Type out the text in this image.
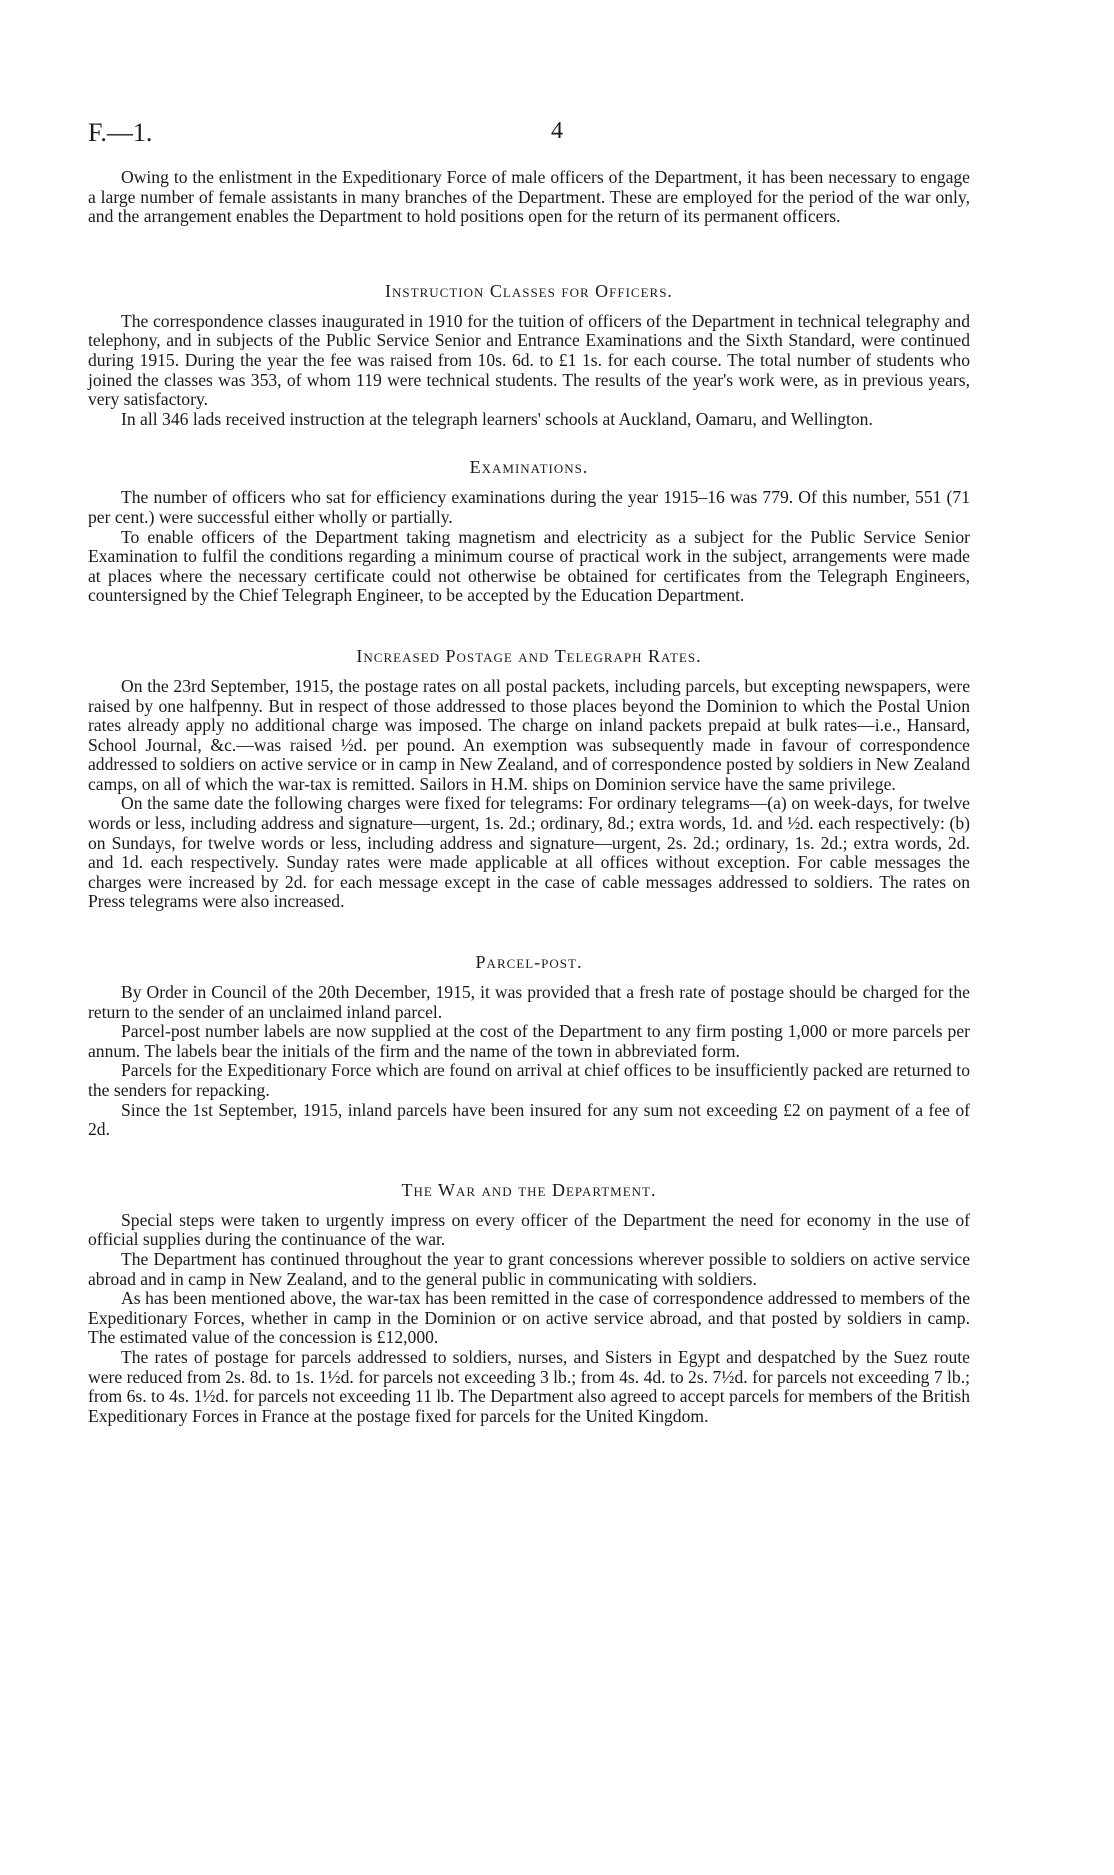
F.—1.	4

Owing to the enlistment in the Expeditionary Force of male officers of the Department, it has been necessary to engage a large number of female assistants in many branches of the Department. These are employed for the period of the war only, and the arrangement enables the Department to hold positions open for the return of its permanent officers.

Instruction Classes for Officers.

The correspondence classes inaugurated in 1910 for the tuition of officers of the Department in technical telegraphy and telephony, and in subjects of the Public Service Senior and Entrance Examinations and the Sixth Standard, were continued during 1915. During the year the fee was raised from 10s. 6d. to £1 1s. for each course. The total number of students who joined the classes was 353, of whom 119 were technical students. The results of the year's work were, as in previous years, very satisfactory.

In all 346 lads received instruction at the telegraph learners' schools at Auckland, Oamaru, and Wellington.

Examinations.

The number of officers who sat for efficiency examinations during the year 1915–16 was 779. Of this number, 551 (71 per cent.) were successful either wholly or partially.

To enable officers of the Department taking magnetism and electricity as a subject for the Public Service Senior Examination to fulfil the conditions regarding a minimum course of practical work in the subject, arrangements were made at places where the necessary certificate could not otherwise be obtained for certificates from the Telegraph Engineers, countersigned by the Chief Telegraph Engineer, to be accepted by the Education Department.

Increased Postage and Telegraph Rates.

On the 23rd September, 1915, the postage rates on all postal packets, including parcels, but excepting newspapers, were raised by one halfpenny. But in respect of those addressed to those places beyond the Dominion to which the Postal Union rates already apply no additional charge was imposed. The charge on inland packets prepaid at bulk rates—i.e., Hansard, School Journal, &c.—was raised ½d. per pound. An exemption was subsequently made in favour of correspondence addressed to soldiers on active service or in camp in New Zealand, and of correspondence posted by soldiers in New Zealand camps, on all of which the war-tax is remitted. Sailors in H.M. ships on Dominion service have the same privilege.

On the same date the following charges were fixed for telegrams: For ordinary telegrams—(a) on week-days, for twelve words or less, including address and signature—urgent, 1s. 2d.; ordinary, 8d.; extra words, 1d. and ½d. each respectively: (b) on Sundays, for twelve words or less, including address and signature—urgent, 2s. 2d.; ordinary, 1s. 2d.; extra words, 2d. and 1d. each respectively. Sunday rates were made applicable at all offices without exception. For cable messages the charges were increased by 2d. for each message except in the case of cable messages addressed to soldiers. The rates on Press telegrams were also increased.

Parcel-post.

By Order in Council of the 20th December, 1915, it was provided that a fresh rate of postage should be charged for the return to the sender of an unclaimed inland parcel.

Parcel-post number labels are now supplied at the cost of the Department to any firm posting 1,000 or more parcels per annum. The labels bear the initials of the firm and the name of the town in abbreviated form.

Parcels for the Expeditionary Force which are found on arrival at chief offices to be insufficiently packed are returned to the senders for repacking.

Since the 1st September, 1915, inland parcels have been insured for any sum not exceeding £2 on payment of a fee of 2d.

The War and the Department.

Special steps were taken to urgently impress on every officer of the Department the need for economy in the use of official supplies during the continuance of the war.

The Department has continued throughout the year to grant concessions wherever possible to soldiers on active service abroad and in camp in New Zealand, and to the general public in communicating with soldiers.

As has been mentioned above, the war-tax has been remitted in the case of correspondence addressed to members of the Expeditionary Forces, whether in camp in the Dominion or on active service abroad, and that posted by soldiers in camp. The estimated value of the concession is £12,000.

The rates of postage for parcels addressed to soldiers, nurses, and Sisters in Egypt and despatched by the Suez route were reduced from 2s. 8d. to 1s. 1½d. for parcels not exceeding 3 lb.; from 4s. 4d. to 2s. 7½d. for parcels not exceeding 7 lb.; from 6s. to 4s. 1½d. for parcels not exceeding 11 lb. The Department also agreed to accept parcels for members of the British Expeditionary Forces in France at the postage fixed for parcels for the United Kingdom.
